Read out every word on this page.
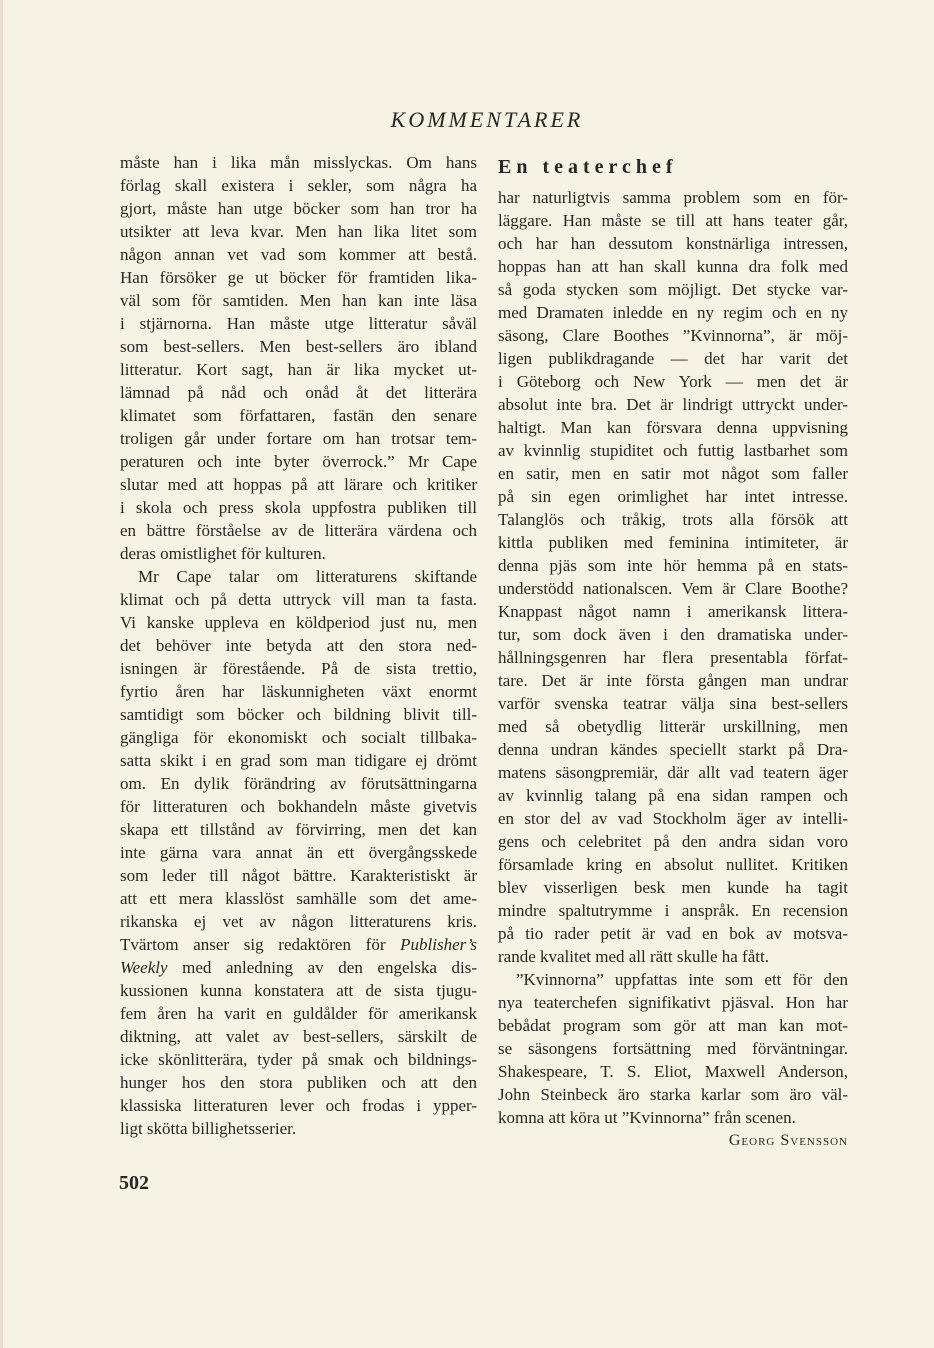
KOMMENTARER
måste han i lika mån misslyckas. Om hans
förlag skall existera i sekler, som några ha
gjort, måste han utge böcker som han tror ha
utsikter att leva kvar. Men han lika litet som
någon annan vet vad som kommer att bestå.
Han försöker ge ut böcker för framtiden lika-
väl som för samtiden. Men han kan inte läsa
i stjärnorna. Han måste utge litteratur såväl
som best-sellers. Men best-sellers äro ibland
litteratur. Kort sagt, han är lika mycket ut-
lämnad på nåd och onåd åt det litterära
klimatet som författaren, fastän den senare
troligen går under fortare om han trotsar tem-
peraturen och inte byter överrock.” Mr Cape
slutar med att hoppas på att lärare och kritiker
i skola och press skola uppfostra publiken till
en bättre förståelse av de litterära värdena och
deras omistlighet för kulturen.
Mr Cape talar om litteraturens skiftande
klimat och på detta uttryck vill man ta fasta.
Vi kanske uppleva en köldperiod just nu, men
det behöver inte betyda att den stora ned-
isningen är förestående. På de sista trettio,
fyrtio åren har läskunnigheten växt enormt
samtidigt som böcker och bildning blivit till-
gängliga för ekonomiskt och socialt tillbaka-
satta skikt i en grad som man tidigare ej drömt
om. En dylik förändring av förutsättningarna
för litteraturen och bokhandeln måste givetvis
skapa ett tillstånd av förvirring, men det kan
inte gärna vara annat än ett övergångsskede
som leder till något bättre. Karakteristiskt är
att ett mera klasslöst samhälle som det ame-
rikanska ej vet av någon litteraturens kris.
Tvärtom anser sig redaktören för Publisher’s
Weekly med anledning av den engelska dis-
kussionen kunna konstatera att de sista tjugu-
fem åren ha varit en guldålder för amerikansk
diktning, att valet av best-sellers, särskilt de
icke skönlitterära, tyder på smak och bildnings-
hunger hos den stora publiken och att den
klassiska litteraturen lever och frodas i ypper-
ligt skötta billighetsserier.
En teaterchef
har naturligtvis samma problem som en för-
läggare. Han måste se till att hans teater går,
och har han dessutom konstnärliga intressen,
hoppas han att han skall kunna dra folk med
så goda stycken som möjligt. Det stycke var-
med Dramaten inledde en ny regim och en ny
säsong, Clare Boothes ”Kvinnorna”, är möj-
ligen publikdragande — det har varit det
i Göteborg och New York — men det är
absolut inte bra. Det är lindrigt uttryckt under-
haltigt. Man kan försvara denna uppvisning
av kvinnlig stupiditet och futtig lastbarhet som
en satir, men en satir mot något som faller
på sin egen orimlighet har intet intresse.
Talanglös och tråkig, trots alla försök att
kittla publiken med feminina intimiteter, är
denna pjäs som inte hör hemma på en stats-
understödd nationalscen. Vem är Clare Boothe?
Knappast något namn i amerikansk littera-
tur, som dock även i den dramatiska under-
hållningsgenren har flera presentabla förfat-
tare. Det är inte första gången man undrar
varför svenska teatrar välja sina best-sellers
med så obetydlig litterär urskillning, men
denna undran kändes speciellt starkt på Dra-
matens säsongpremiär, där allt vad teatern äger
av kvinnlig talang på ena sidan rampen och
en stor del av vad Stockholm äger av intelli-
gens och celebritet på den andra sidan voro
församlade kring en absolut nullitet. Kritiken
blev visserligen besk men kunde ha tagit
mindre spaltutrymme i anspråk. En recension
på tio rader petit är vad en bok av motsva-
rande kvalitet med all rätt skulle ha fått.
”Kvinnorna” uppfattas inte som ett för den
nya teaterchefen signifikativt pjäsval. Hon har
bebådat program som gör att man kan mot-
se säsongens fortsättning med förväntningar.
Shakespeare, T. S. Eliot, Maxwell Anderson,
John Steinbeck äro starka karlar som äro väl-
komna att köra ut ”Kvinnorna” från scenen.
Georg Svensson
502
